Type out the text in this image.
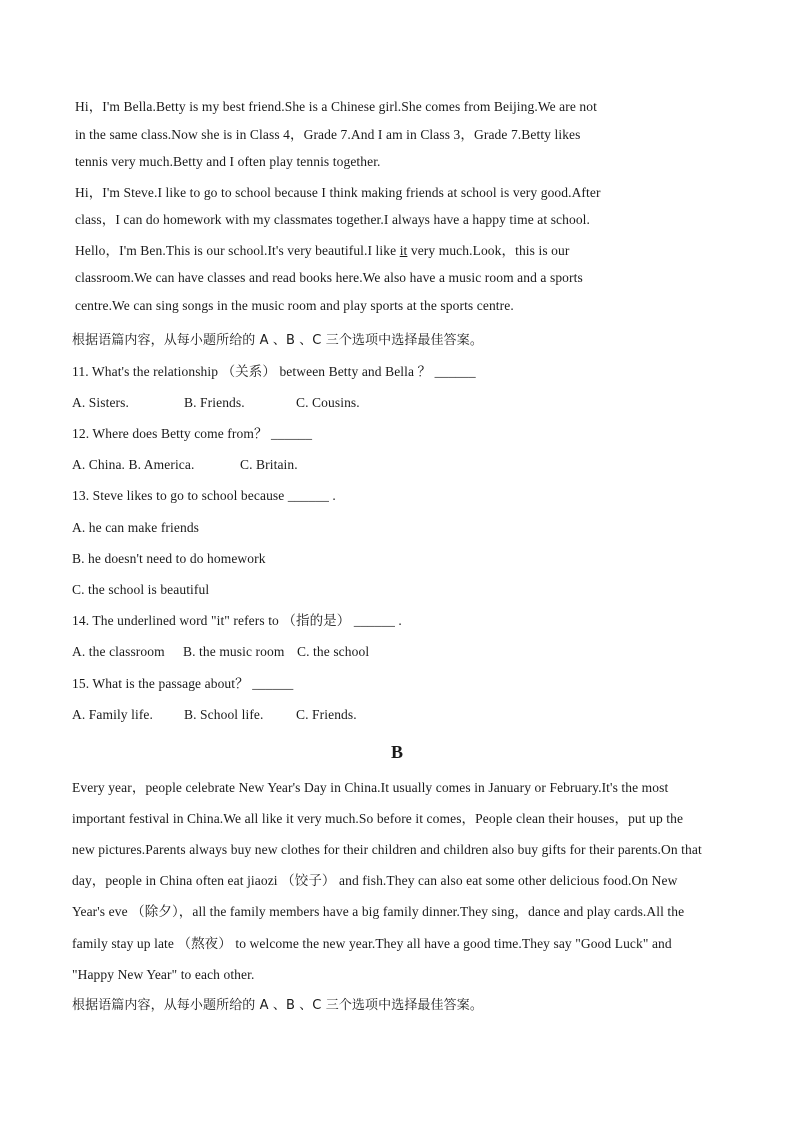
Hi，I'm Bella.Betty is my best friend.She is a Chinese girl.She comes from Beijing.We are not
in the same class.Now she is in Class 4，Grade 7.And I am in Class 3，Grade 7.Betty likes
tennis very much.Betty and I often play tennis together.
Hi，I'm Steve.I like to go to school because I think making friends at school is very good.After
class，I can do homework with my classmates together.I always have a happy time at school.
Hello，I'm Ben.This is our school.It's very beautiful.I like it very much.Look，this is our
classroom.We can have classes and read books here.We also have a music room and a sports
centre.We can sing songs in the music room and play sports at the sports centre.
根据语篇内容，从每小题所给的 A 、B 、C 三个选项中选择最佳答案。
11. What's the relationship （关系） between Betty and Bella ？ ______
A. Sisters.	B. Friends.	C. Cousins.
12. Where does Betty come from？ ______
A. China. B. America.	C. Britain.
13. Steve likes to go to school because ______ .
A. he can make friends
B. he doesn't need to do homework
C. the school is beautiful
14. The underlined word "it" refers to （指的是） ______ .
A. the classroom B. the music room C. the school
15. What is the passage about？ ______
A. Family life. B. School life. C. Friends.
B
Every year，people celebrate New Year's Day in China.It usually comes in January or February.It's the most
important festival in China.We all like it very much.So before it comes，People clean their houses，put up the
new pictures.Parents always buy new clothes for their children and children also buy gifts for their parents.On that
day，people in China often eat jiaozi （饺子） and fish.They can also eat some other delicious food.On New
Year's eve （除夕），all the family members have a big family dinner.They sing，dance and play cards.All the
family stay up late （熬夜） to welcome the new year.They all have a good time.They say "Good Luck" and
"Happy New Year" to each other.
根据语篇内容，从每小题所给的 A 、B 、C 三个选项中选择最佳答案。
